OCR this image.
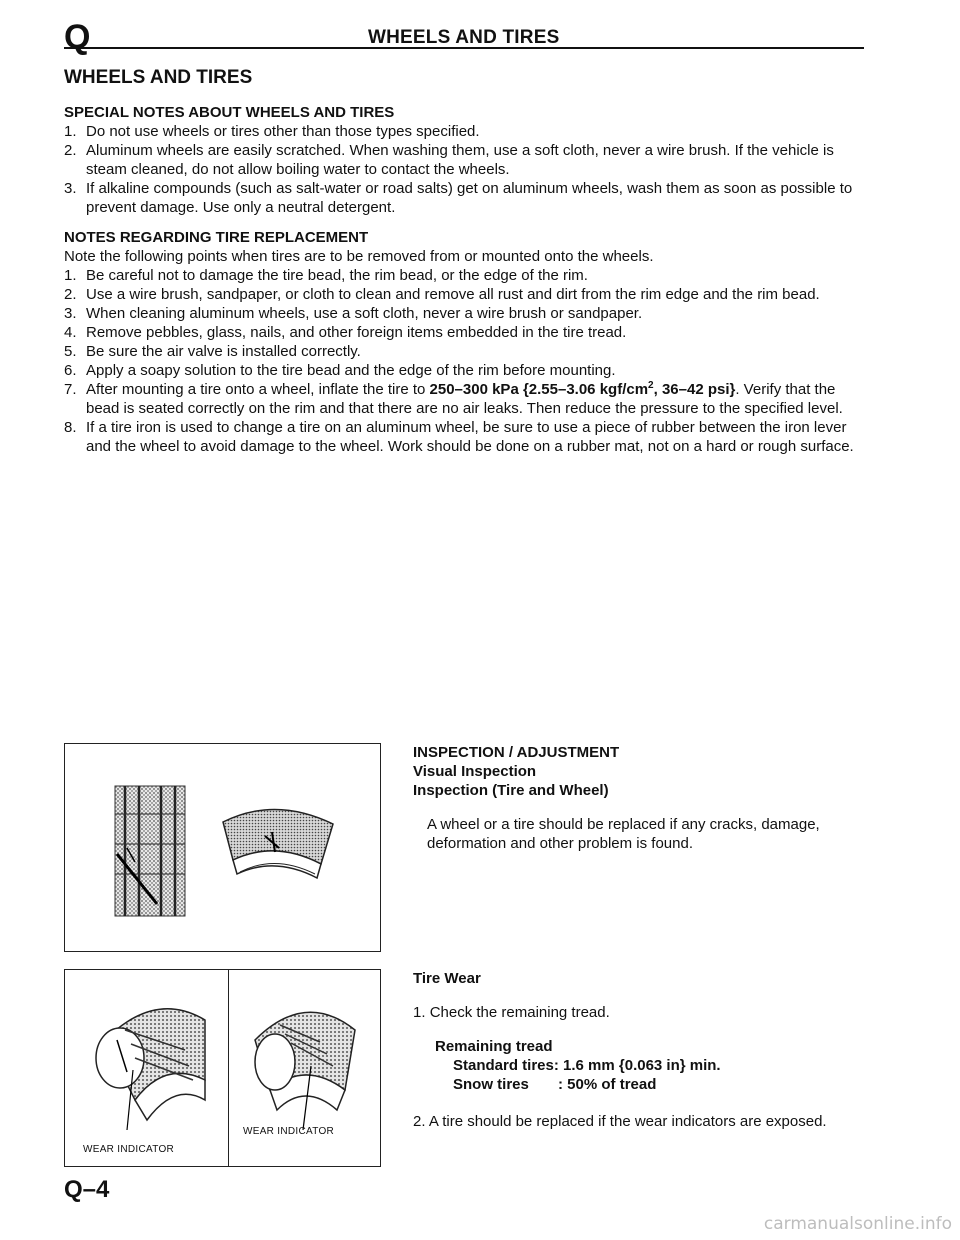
Q	WHEELS AND TIRES
WHEELS AND TIRES
SPECIAL NOTES ABOUT WHEELS AND TIRES
1. Do not use wheels or tires other than those types specified.
2. Aluminum wheels are easily scratched. When washing them, use a soft cloth, never a wire brush. If the vehicle is steam cleaned, do not allow boiling water to contact the wheels.
3. If alkaline compounds (such as salt-water or road salts) get on aluminum wheels, wash them as soon as possible to prevent damage. Use only a neutral detergent.
NOTES REGARDING TIRE REPLACEMENT

Note the following points when tires are to be removed from or mounted onto the wheels.

1. Be careful not to damage the tire bead, the rim bead, or the edge of the rim.
2. Use a wire brush, sandpaper, or cloth to clean and remove all rust and dirt from the rim edge and the rim bead.
3. When cleaning aluminum wheels, use a soft cloth, never a wire brush or sandpaper.
4. Remove pebbles, glass, nails, and other foreign items embedded in the tire tread.
5. Be sure the air valve is installed correctly.
6. Apply a soapy solution to the tire bead and the edge of the rim before mounting.
7. After mounting a tire onto a wheel, inflate the tire to 250–300 kPa {2.55–3.06 kgf/$cm^2$, 36–42 psi}. Verify that the bead is seated correctly on the rim and that there are no air leaks. Then reduce the pressure to the specified level.
8. If a tire iron is used to change a tire on an aluminum wheel, be sure to use a piece of rubber between the iron lever and the wheel to avoid damage to the wheel. Work should be done on a rubber mat, not on a hard or rough surface.
INSPECTION / ADJUSTMENT
Visual Inspection
Inspection (Tire and Wheel)

A wheel or a tire should be replaced if any cracks, damage, deformation and other problem is found.

WEAR INDICATOR
WEAR INDICATOR
Tire Wear

1. Check the remaining tread.

Remaining tread
Standard tires: 1.6 mm {0.063 in} min.
Snow tires       : 50% of tread

2. A tire should be replaced if the wear indicators are exposed.

Q–4
carmanualsonline.info
